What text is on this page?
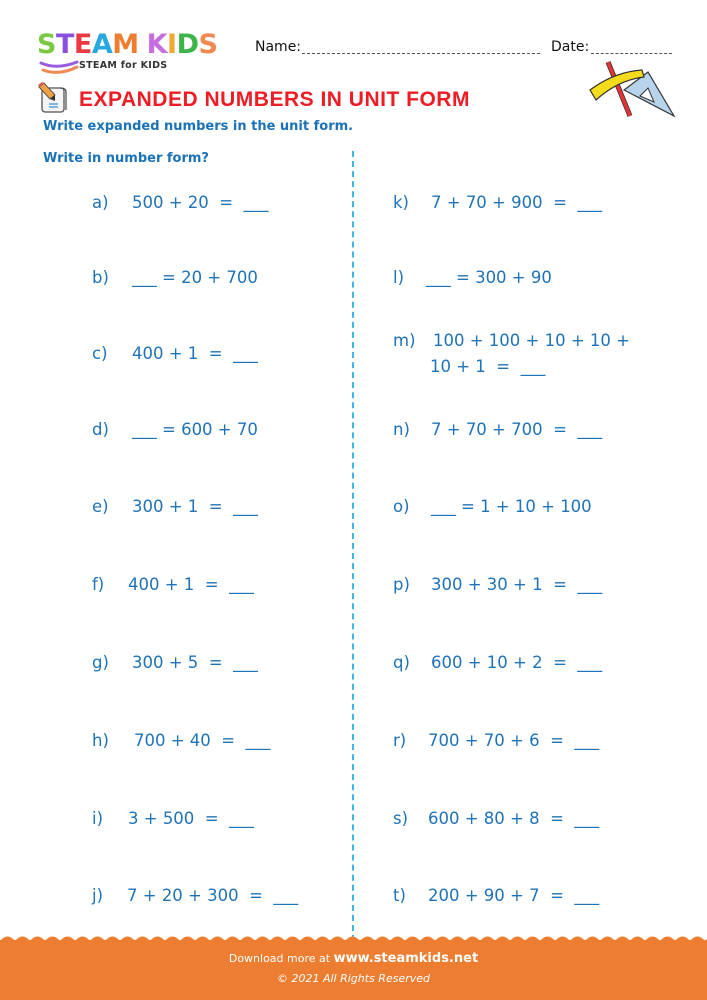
STEAM KIDS
STEAM for KIDS
Name:	Date:
EXPANDED NUMBERS IN UNIT FORM
Write expanded numbers in the unit form.
Write in number form?
a) 500 + 20  =  ___
b) ___ = 20 + 700
c) 400 + 1  =  ___
d) ___ = 600 + 70
e) 300 + 1  =  ___
f) 400 + 1  =  ___
g) 300 + 5  =  ___
h) 700 + 40  =  ___
i) 3 + 500  =  ___
j) 7 + 20 + 300  =  ___
k) 7 + 70 + 900  =  ___
l) ___ = 300 + 90
m) 100 + 100 + 10 + 10 +
10 + 1  =  ___
n) 7 + 70 + 700  =  ___
o) ___ = 1 + 10 + 100
p) 300 + 30 + 1  =  ___
q) 600 + 10 + 2  =  ___
r) 700 + 70 + 6  =  ___
s) 600 + 80 + 8  =  ___
t) 200 + 90 + 7  =  ___
Download more at www.steamkids.net
© 2021 All Rights Reserved
